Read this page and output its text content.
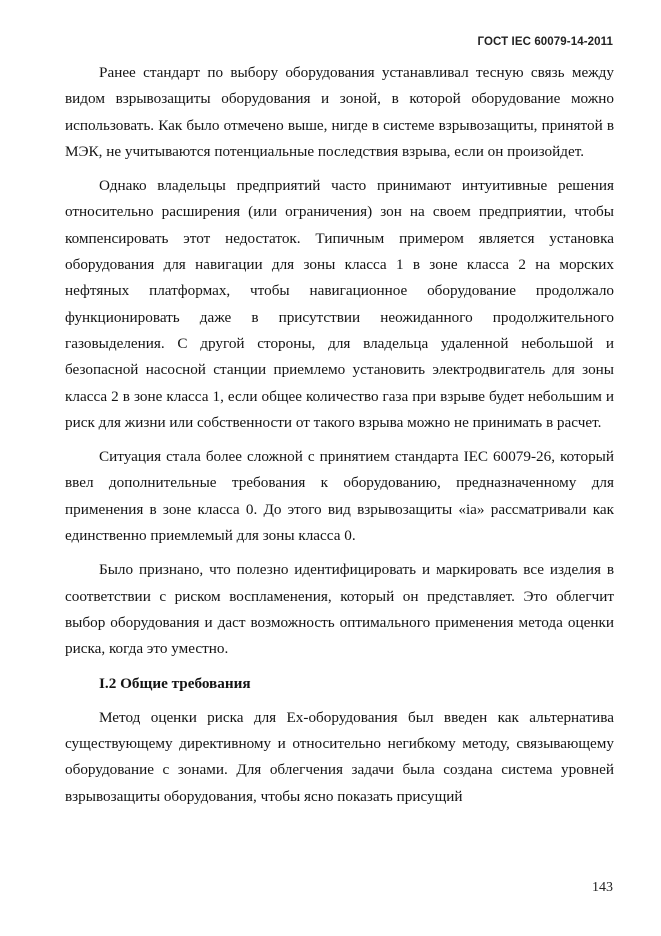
ГОСТ IEC 60079-14-2011

Ранее стандарт по выбору оборудования устанавливал тесную связь между видом взрывозащиты оборудования и зоной, в которой оборудование можно использовать. Как было отмечено выше, нигде в системе взрывозащиты, принятой в МЭК, не учитываются потенциальные последствия взрыва, если он произойдет.

Однако владельцы предприятий часто принимают интуитивные решения относительно расширения (или ограничения) зон на своем предприятии, чтобы компенсировать этот недостаток. Типичным примером является установка оборудования для навигации для зоны класса 1 в зоне класса 2 на морских нефтяных платформах, чтобы навигационное оборудование продолжало функционировать даже в присутствии неожиданного продолжительного газовыделения. С другой стороны, для владельца удаленной небольшой и безопасной насосной станции приемлемо установить электродвигатель для зоны класса 2 в зоне класса 1, если общее количество газа при взрыве будет небольшим и риск для жизни или собственности от такого взрыва можно не принимать в расчет.

Ситуация стала более сложной с принятием стандарта IEC 60079-26, который ввел дополнительные требования к оборудованию, предназначенному для применения в зоне класса 0. До этого вид взрывозащиты «ia» рассматривали как единственно приемлемый для зоны класса 0.

Было признано, что полезно идентифицировать и маркировать все изделия в соответствии с риском воспламенения, который он представляет. Это облегчит выбор оборудования и даст возможность оптимального применения метода оценки риска, когда это уместно.

I.2 Общие требования

Метод оценки риска для Ех-оборудования был введен как альтернатива существующему директивному и относительно негибкому методу, связывающему оборудование с зонами. Для облегчения задачи была создана система уровней взрывозащиты оборудования, чтобы ясно показать присущий

143
